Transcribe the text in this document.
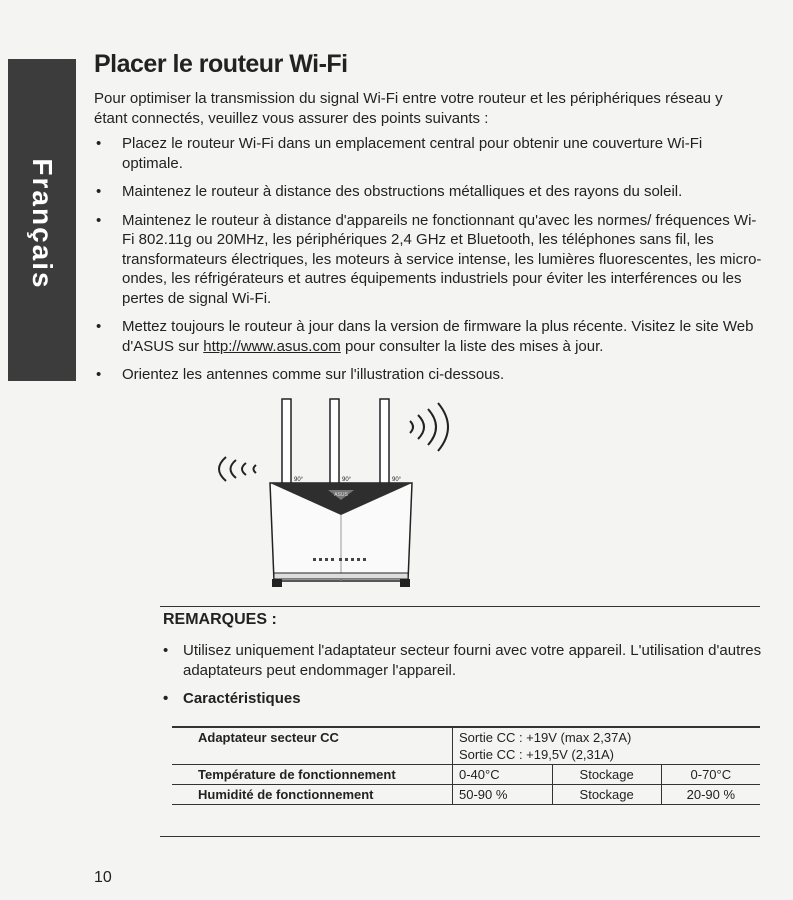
Français
Placer le routeur Wi-Fi

Pour optimiser la transmission du signal Wi-Fi entre votre routeur et les périphériques réseau y étant connectés, veuillez vous assurer des points suivants :

• Placez le routeur Wi-Fi dans un emplacement central pour obtenir une couverture Wi-Fi optimale.
• Maintenez le routeur à distance des obstructions métalliques et des rayons du soleil.
• Maintenez le routeur à distance d'appareils ne fonctionnant qu'avec les normes/ fréquences Wi-Fi 802.11g ou 20MHz, les périphériques 2,4 GHz et Bluetooth, les téléphones sans fil, les transformateurs électriques, les moteurs à service intense, les lumières fluorescentes, les micro-ondes, les réfrigérateurs et autres équipements industriels pour éviter les interférences ou les pertes de signal Wi-Fi.
• Mettez toujours le routeur à jour dans la version de firmware la plus récente. Visitez le site Web d'ASUS sur http://www.asus.com pour consulter la liste des mises à jour.
• Orientez les antennes comme sur l'illustration ci-dessous.
90°	90°	90°
ASUS
REMARQUES :
• Utilisez uniquement l'adaptateur secteur fourni avec votre appareil. L'utilisation d'autres adaptateurs peut endommager l'appareil.
• Caractéristiques
Adaptateur secteur CC	Sortie CC : +19V (max 2,37A)
Sortie CC : +19,5V (2,31A)		

Température de fonctionnement	0-40°C	Stockage	0-70°C
Humidité de fonctionnement	50-90 %	Stockage	20-90 %
10
